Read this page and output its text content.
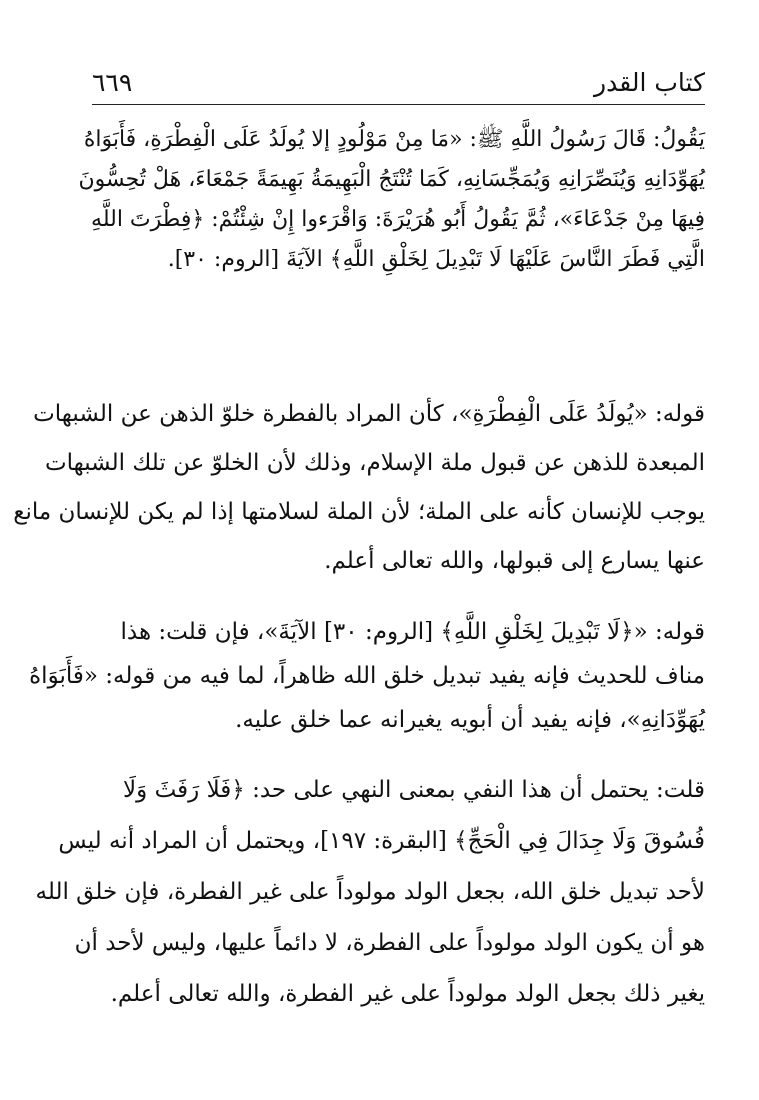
٦٦٩	كتاب القدر
يَقُولُ: قَالَ رَسُولُ اللَّهِ ﷺ: «مَا مِنْ مَوْلُودٍ إلا يُولَدُ عَلَى الْفِطْرَةِ، فَأَبَوَاهُ
يُهَوِّدَانِهِ وَيُنَصِّرَانِهِ وَيُمَجِّسَانِهِ، كَمَا تُنْتَجُ الْبَهِيمَةُ بَهِيمَةً جَمْعَاءَ، هَلْ تُحِسُّونَ
فِيهَا مِنْ جَدْعَاءَ»، ثُمَّ يَقُولُ أَبُو هُرَيْرَةَ: وَاقْرَءوا إِنْ شِئْتُمْ: ﴿فِطْرَتَ اللَّهِ
الَّتِي فَطَرَ النَّاسَ عَلَيْهَا لَا تَبْدِيلَ لِخَلْقِ اللَّهِ﴾ الآيَةَ [الروم: ٣٠].
قوله: «يُولَدُ عَلَى الْفِطْرَةِ»، كأن المراد بالفطرة خلوّ الذهن عن الشبهات
المبعدة للذهن عن قبول ملة الإسلام، وذلك لأن الخلوّ عن تلك الشبهات
يوجب للإنسان كأنه على الملة؛ لأن الملة لسلامتها إذا لم يكن للإنسان مانع
عنها يسارع إلى قبولها، والله تعالى أعلم.
قوله: «﴿لَا تَبْدِيلَ لِخَلْقِ اللَّهِ﴾ [الروم: ٣٠] الآيَةَ»، فإن قلت: هذا
مناف للحديث فإنه يفيد تبديل خلق الله ظاهراً، لما فيه من قوله: «فَأَبَوَاهُ
يُهَوِّدَانِهِ»، فإنه يفيد أن أبويه يغيرانه عما خلق عليه.
قلت: يحتمل أن هذا النفي بمعنى النهي على حد: ﴿فَلَا رَفَثَ وَلَا
فُسُوقَ وَلَا جِدَالَ فِي الْحَجِّ﴾ [البقرة: ١٩٧]، ويحتمل أن المراد أنه ليس
لأحد تبديل خلق الله، بجعل الولد مولوداً على غير الفطرة، فإن خلق الله
هو أن يكون الولد مولوداً على الفطرة، لا دائماً عليها، وليس لأحد أن
يغير ذلك بجعل الولد مولوداً على غير الفطرة، والله تعالى أعلم.
